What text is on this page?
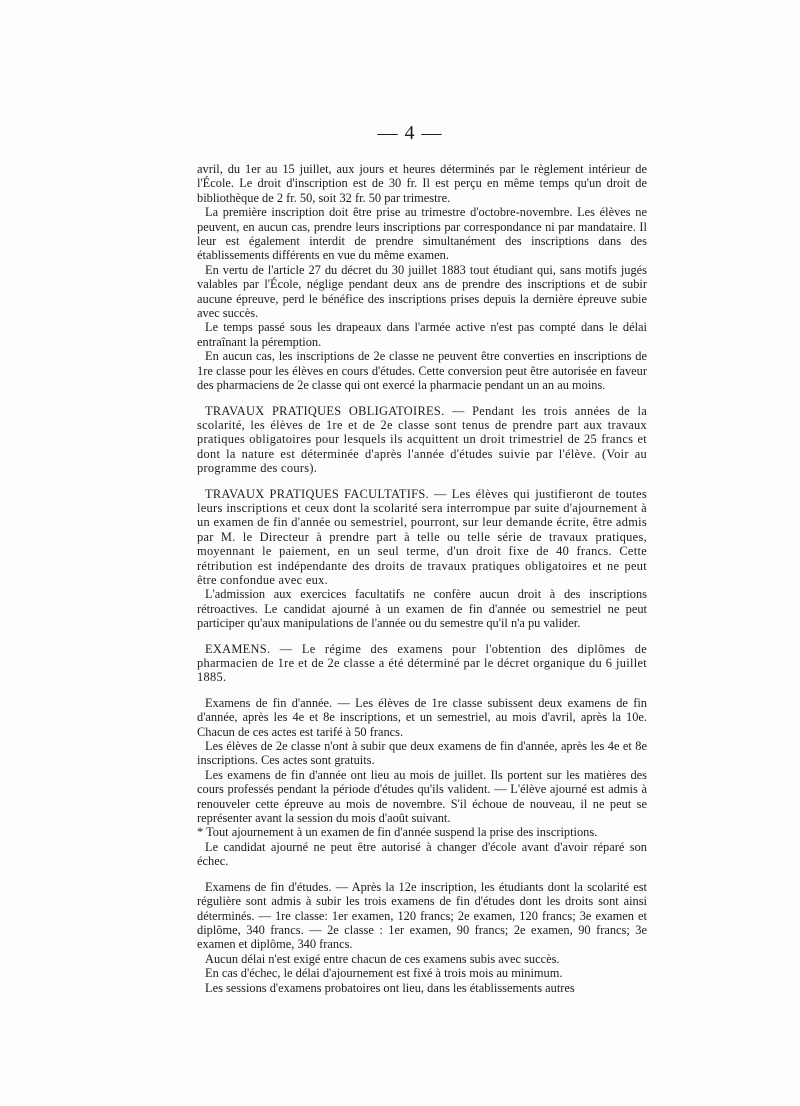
— 4 —

avril, du 1er au 15 juillet, aux jours et heures déterminés par le règlement intérieur de l'École. Le droit d'inscription est de 30 fr. Il est perçu en même temps qu'un droit de bibliothèque de 2 fr. 50, soit 32 fr. 50 par trimestre.

La première inscription doit être prise au trimestre d'octobre-novembre. Les élèves ne peuvent, en aucun cas, prendre leurs inscriptions par correspondance ni par mandataire. Il leur est également interdit de prendre simultanément des inscriptions dans des établissements différents en vue du même examen.

En vertu de l'article 27 du décret du 30 juillet 1883 tout étudiant qui, sans motifs jugés valables par l'École, néglige pendant deux ans de prendre des inscriptions et de subir aucune épreuve, perd le bénéfice des inscriptions prises depuis la dernière épreuve subie avec succès.

Le temps passé sous les drapeaux dans l'armée active n'est pas compté dans le délai entraînant la péremption.

En aucun cas, les inscriptions de 2e classe ne peuvent être converties en inscriptions de 1re classe pour les élèves en cours d'études. Cette conversion peut être autorisée en faveur des pharmaciens de 2e classe qui ont exercé la pharmacie pendant un an au moins.

TRAVAUX PRATIQUES OBLIGATOIRES. — Pendant les trois années de la scolarité, les élèves de 1re et de 2e classe sont tenus de prendre part aux travaux pratiques obligatoires pour lesquels ils acquittent un droit trimestriel de 25 francs et dont la nature est déterminée d'après l'année d'études suivie par l'élève. (Voir au programme des cours).

TRAVAUX PRATIQUES FACULTATIFS. — Les élèves qui justifieront de toutes leurs inscriptions et ceux dont la scolarité sera interrompue par suite d'ajournement à un examen de fin d'année ou semestriel, pourront, sur leur demande écrite, être admis par M. le Directeur à prendre part à telle ou telle série de travaux pratiques, moyennant le paiement, en un seul terme, d'un droit fixe de 40 francs. Cette rétribution est indépendante des droits de travaux pratiques obligatoires et ne peut être confondue avec eux.

L'admission aux exercices facultatifs ne confère aucun droit à des inscriptions rétroactives. Le candidat ajourné à un examen de fin d'année ou semestriel ne peut participer qu'aux manipulations de l'année ou du semestre qu'il n'a pu valider.

EXAMENS. — Le régime des examens pour l'obtention des diplômes de pharmacien de 1re et de 2e classe a été déterminé par le décret organique du 6 juillet 1885.

Examens de fin d'année. — Les élèves de 1re classe subissent deux examens de fin d'année, après les 4e et 8e inscriptions, et un semestriel, au mois d'avril, après la 10e. Chacun de ces actes est tarifé à 50 francs.

Les élèves de 2e classe n'ont à subir que deux examens de fin d'année, après les 4e et 8e inscriptions. Ces actes sont gratuits.

Les examens de fin d'année ont lieu au mois de juillet. Ils portent sur les matières des cours professés pendant la période d'études qu'ils valident. — L'élève ajourné est admis à renouveler cette épreuve au mois de novembre. S'il échoue de nouveau, il ne peut se représenter avant la session du mois d'août suivant.

* Tout ajournement à un examen de fin d'année suspend la prise des inscriptions.

Le candidat ajourné ne peut être autorisé à changer d'école avant d'avoir réparé son échec.

Examens de fin d'études. — Après la 12e inscription, les étudiants dont la scolarité est régulière sont admis à subir les trois examens de fin d'études dont les droits sont ainsi déterminés. — 1re classe: 1er examen, 120 francs; 2e examen, 120 francs; 3e examen et diplôme, 340 francs. — 2e classe : 1er examen, 90 francs; 2e examen, 90 francs; 3e examen et diplôme, 340 francs.

Aucun délai n'est exigé entre chacun de ces examens subis avec succès.

En cas d'échec, le délai d'ajournement est fixé à trois mois au minimum.

Les sessions d'examens probatoires ont lieu, dans les établissements autres
